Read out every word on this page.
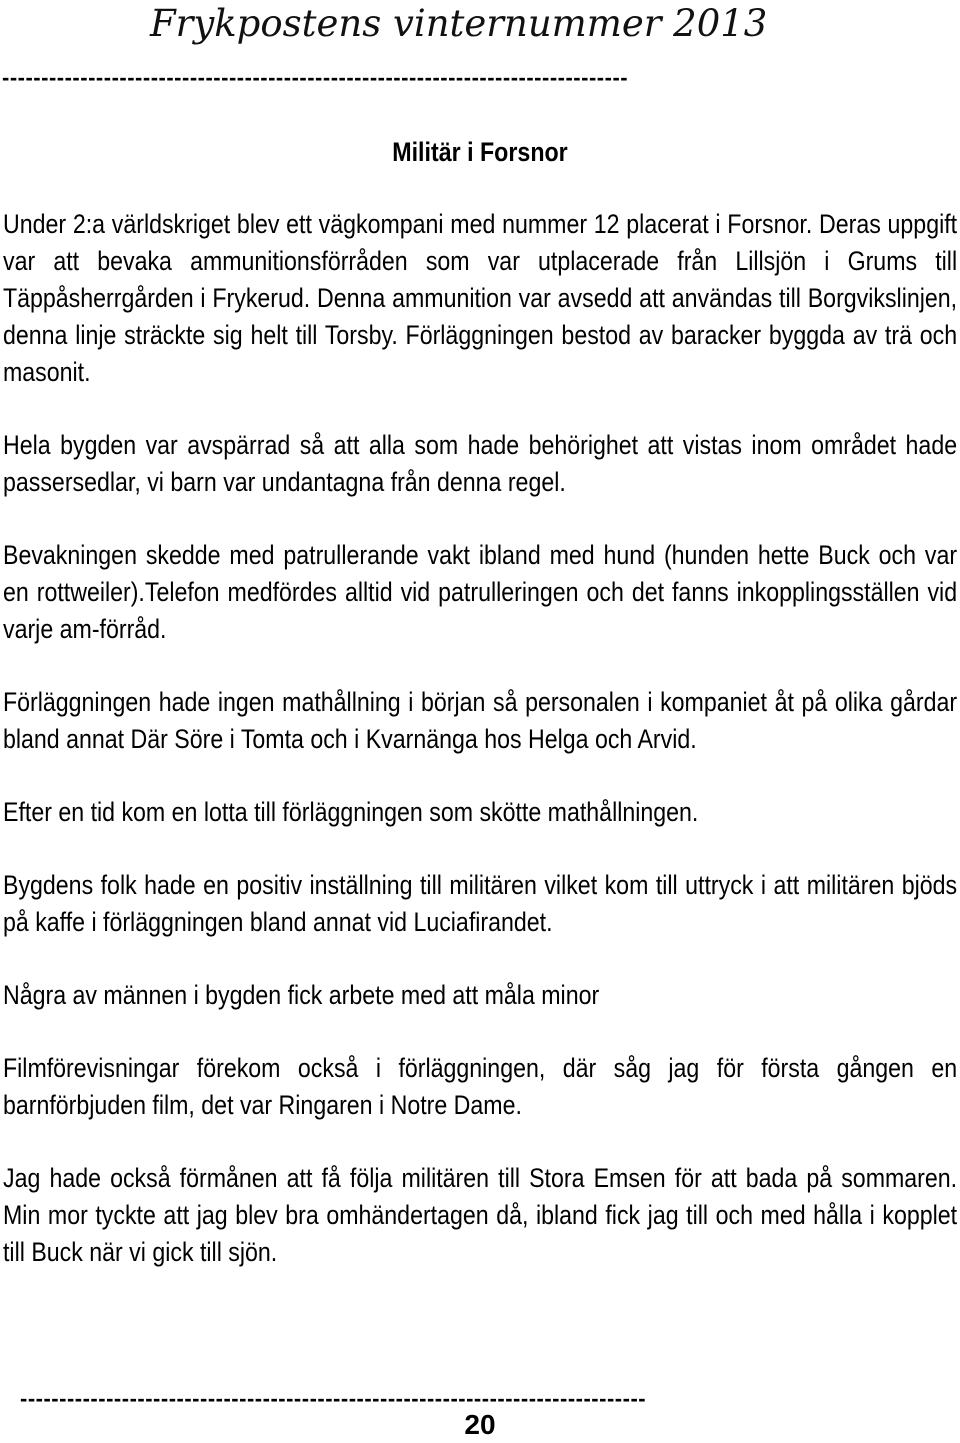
Frykpostens vinternummer 2013
--------------------------------------------------------------------------------
Militär i Forsnor

Under 2:a världskriget blev ett vägkompani med nummer 12 placerat i Forsnor. Deras uppgift var att bevaka ammunitionsförråden som var utplacerade från Lillsjön i Grums till Täppåsherrgården i Frykerud. Denna ammunition var avsedd att användas till Borgvikslinjen, denna linje sträckte sig helt till Torsby. Förläggningen bestod av baracker byggda av trä och masonit.

Hela bygden var avspärrad så att alla som hade behörighet att vistas inom området hade passersedlar, vi barn var undantagna från denna regel.

Bevakningen skedde med patrullerande vakt ibland med hund (hunden hette Buck och var en rottweiler).Telefon medfördes alltid vid patrulleringen och det fanns inkopplingsställen vid varje am-förråd.

Förläggningen hade ingen mathållning i början så personalen i kompaniet åt på olika gårdar bland annat Där Söre i Tomta och i Kvarnänga hos Helga och Arvid.

Efter en tid kom en lotta till förläggningen som skötte mathållningen.

Bygdens folk hade en positiv inställning till militären vilket kom till uttryck i att militären bjöds på kaffe i förläggningen bland annat vid Luciafirandet.

Några av männen i bygden fick arbete med att måla minor

Filmförevisningar förekom också i förläggningen, där såg jag för första gången en barnförbjuden film, det var Ringaren i Notre Dame.

Jag hade också förmånen att få följa militären till Stora Emsen för att bada på sommaren. Min mor tyckte att jag blev bra omhändertagen då, ibland fick jag till och med hålla i kopplet till Buck när vi gick till sjön.

--------------------------------------------------------------------------------
20
